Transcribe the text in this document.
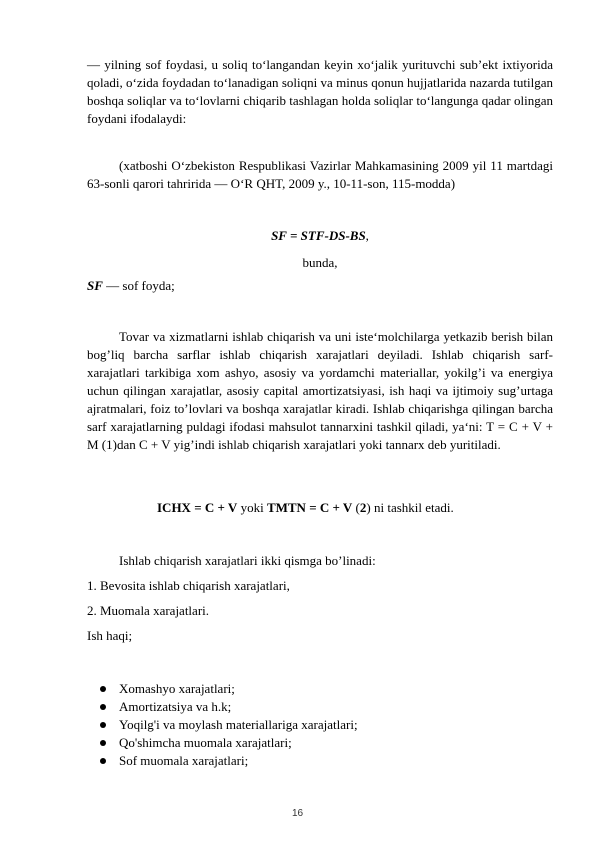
— yilning sof foydasi, u soliq to‘langandan keyin xo‘jalik yurituvchi sub’ekt ixtiyorida qoladi, o‘zida foydadan to‘lanadigan soliqni va minus qonun hujjatlarida nazarda tutilgan boshqa soliqlar va to‘lovlarni chiqarib tashlagan holda soliqlar to‘langunga qadar olingan foydani ifodalaydi:

(xatboshi O‘zbekiston Respublikasi Vazirlar Mahkamasining 2009 yil 11 martdagi 63-sonli qarori tahririda — O‘R QHT, 2009 y., 10-11-son, 115-modda)

SF = STF-DS-BS,

bunda,

SF — sof foyda;

Tovar va xizmatlarni ishlab chiqarish va uni iste‘molchilarga yetkazib berish bilan bog’liq barcha sarflar ishlab chiqarish xarajatlari deyiladi. Ishlab chiqarish sarf-xarajatlari tarkibiga xom ashyo, asosiy va yordamchi materiallar, yokilg’i va energiya uchun qilingan xarajatlar, asosiy capital amortizatsiyasi, ish haqi va ijtimoiy sug’urtaga ajratmalari, foiz to’lovlari va boshqa xarajatlar kiradi. Ishlab chiqarishga qilingan barcha sarf xarajatlarning puldagi ifodasi mahsulot tannarxini tashkil qiladi, ya‘ni: T = C + V + M (1)dan C + V yig’indi ishlab chiqarish xarajatlari yoki tannarx deb yuritiladi.

ICHX = C + V yoki TMTN = C + V (2) ni tashkil etadi.

Ishlab chiqarish xarajatlari ikki qismga bo’linadi:

1. Bevosita ishlab chiqarish xarajatlari,

2. Muomala xarajatlari.

Ish haqi;

Xomashyo xarajatlari;
Amortizatsiya va h.k;
Yoqilg'i va moylash materiallariga xarajatlari;
Qo'shimcha muomala xarajatlari;
Sof muomala xarajatlari;
16
